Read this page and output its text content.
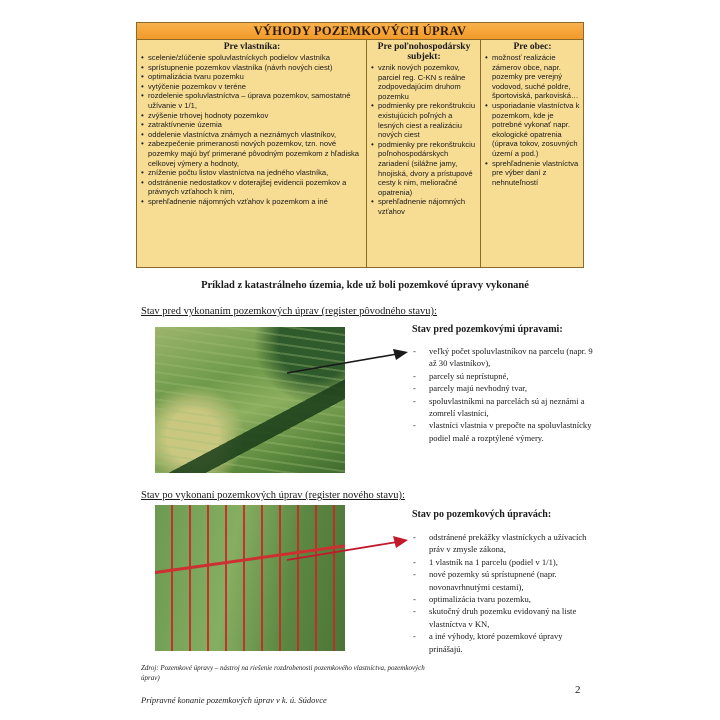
VÝHODY POZEMKOVÝCH ÚPRAV
Pre vlastníka:
• scelenie/zlúčenie spoluvlastníckych podielov vlastníka
• sprístupnenie pozemkov vlastníka (návrh nových ciest)
• optimalizácia tvaru pozemku
• vytýčenie pozemkov v teréne
• rozdelenie spoluvlastníctva – úprava pozemkov, samostatné užívanie v 1/1,
• zvýšenie trhovej hodnoty pozemkov
• zatraktívnenie územia
• oddelenie vlastníctva známych a neznámych vlastníkov,
• zabezpečenie primeranosti nových pozemkov, tzn. nové pozemky majú byť primerané pôvodným pozemkom z hľadiska celkovej výmery a hodnoty,
• zníženie počtu listov vlastníctva na jedného vlastníka,
• odstránenie nedostatkov v doterajšej evidencii pozemkov a právnych vzťahoch k nim,
• sprehľadnenie nájomných vzťahov k pozemkom a iné
Pre poľnohospodársky subjekt:
• vznik nových pozemkov, parciel reg. C-KN s reálne zodpovedajúcim druhom pozemku
• podmienky pre rekonštrukciu existujúcich poľných a lesných ciest a realizáciu nových ciest
• podmienky pre rekonštrukciu poľnohospodárskych zariadení (silážne jamy, hnojiská, dvory a prístupové cesty k nim, melioračné opatrenia)
• sprehľadnenie nájomných vzťahov
Pre obec:
• možnosť realizácie zámerov obce, napr. pozemky pre verejný vodovod, suché poldre, športoviská, parkoviská…
• usporiadanie vlastníctva k pozemkom, kde je potrebné vykonať napr. ekologické opatrenia (úprava tokov, zosuvných území a pod.)
• sprehľadnenie vlastníctva pre výber daní z nehnuteľností
Príklad z katastrálneho územia, kde už boli pozemkové úpravy vykonané
Stav pred vykonaním pozemkových úprav (register pôvodného stavu):
Stav pred pozemkovými úpravami:
- veľký počet spoluvlastníkov na parcelu (napr. 9 až 30 vlastníkov),
- parcely sú neprístupné,
- parcely majú nevhodný tvar,
- spoluvlastníkmi na parcelách sú aj neznámi a zomrelí vlastníci,
- vlastníci vlastnia v prepočte na spoluvlastnícky podiel malé a rozptýlené výmery.
Stav po vykonaní pozemkových úprav (register nového stavu):
Stav po pozemkových úpravách:
- odstránené prekážky vlastníckych a užívacích práv v zmysle zákona,
- 1 vlastník na 1 parcelu (podiel v 1/1),
- nové pozemky sú sprístupnené (napr. novonavrhnutými cestami),
- optimalizácia tvaru pozemku,
- skutočný druh pozemku evidovaný na liste vlastníctva v KN,
- a iné výhody, ktoré pozemkové úpravy prinášajú.
Zdroj: Pozemkové úpravy – nástroj na riešenie rozdrobenosti pozemkového vlastníctva, pozemkových úprav)
2
Prípravné konanie pozemkových úprav v k. ú. Súdovce
